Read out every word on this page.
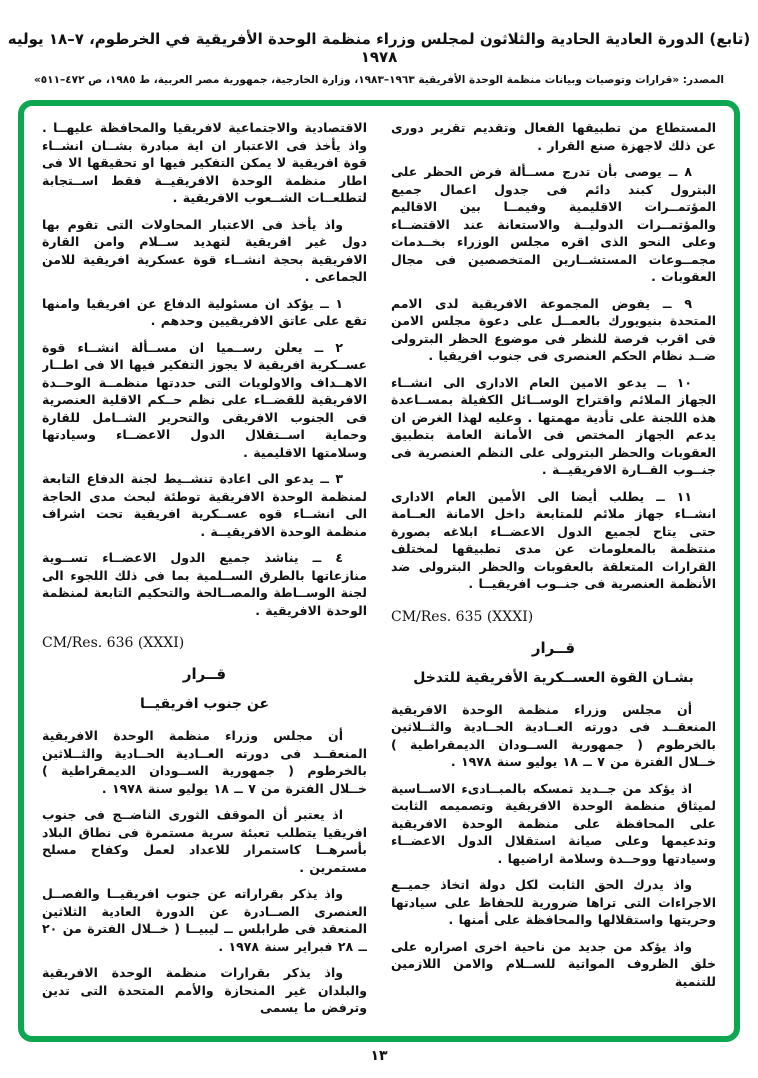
(تابع) الدورة العادية الحادية والثلاثون لمجلس وزراء منظمة الوحدة الأفريقية في الخرطوم، ٧–١٨ يوليه ١٩٧٨
المصدر: «قرارات وتوصيات وبيانات منظمة الوحدة الأفريقية ١٩٦٣–١٩٨٣، وزارة الخارجية، جمهورية مصر العربية، ط ١٩٨٥، ص ٤٧٢–٥١١»

المستطاع من تطبيقها الفعال وتقديم تقرير دورى عن ذلك لاجهزة صنع القرار .

٨ ــ يوصى بأن تدرج مســألة فرض الحظر على البترول كبند دائم فى جدول اعمال جميع المؤتمــرات الاقليمية وفيمــا بين الاقاليم والمؤتمــرات الدوليــة والاستعانة عند الاقتضــاء وعلى النحو الذى اقره مجلس الوزراء بخــدمات مجمــوعات المستشــارين المتخصصين فى مجال العقوبات .

٩ ــ يفوض المجموعة الافريقية لدى الامم المتحدة بنيويورك بالعمــل على دعوة مجلس الامن فى اقرب فرصة للنظر فى موضوع الحظر البترولى ضــد نظام الحكم العنصرى فى جنوب افريقيا .

١٠ ــ يدعو الامين العام الادارى الى انشــاء الجهاز الملائم واقتراح الوســائل الكفيلة بمســاعدة هذه اللجنة على تأدية مهمتها . وعليه لهذا الغرض ان يدعم الجهاز المختص فى الأمانة العامة بتطبيق العقوبات والحظر البترولى على النظم العنصرية فى جنــوب القــارة الافريقيــة .

١١ ــ يطلب أيضا الى الأمين العام الادارى انشــاء جهاز ملائم للمتابعة داخل الامانة العــامة حتى يتاح لجميع الدول الاعضــاء ابلاغه بصورة منتظمة بالمعلومات عن مدى تطبيقها لمختلف القرارات المتعلقة بالعقوبات والحظر البترولى ضد الأنظمة العنصرية فى جنــوب افريقيــا .

CM/Res. 635 (XXXI)
قــرار
بشـان القوة العســكرية الأفريقية للتدخل

أن مجلس وزراء منظمة الوحدة الافريقية المنعقــد فى دورته العــادية الحــادية والثــلاثين بالخرطوم ( جمهورية الســودان الديمقراطية ) خــلال الفترة من ٧ ــ ١٨ يوليو سنة ١٩٧٨ .

اذ يؤكد من جــديد تمسكه بالمبــادىء الاســاسية لميثاق منظمة الوحدة الافريقية وتصميمه الثابت على المحافظة على منظمة الوحدة الافريقية وتدعيمها وعلى صيانة استقلال الدول الاعضــاء وسيادتها ووحــدة وسلامة اراضيها .

واذ يدرك الحق الثابت لكل دولة اتخاذ جميــع الاجراءات التى تراها ضرورية للحفاظ على سيادتها وحريتها واستقلالها والمحافظة على أمنها .

واذ يؤكد من جديد من ناحية اخرى اصراره على خلق الظروف المواتية للســلام والامن اللازمين للتنمية

الاقتصادية والاجتماعية لافريقيا والمحافظة عليهــا . واذ يأخذ فى الاعتبار ان اية مبادرة بشــان انشــاء قوة افريقية لا يمكن التفكير فيها او تحقيقها الا فى اطار منظمة الوحدة الافريقيــة فقط اســتجابة لتطلعــات الشــعوب الافريقية .

واذ يأخذ فى الاعتبار المحاولات التى تقوم بها دول غير افريقية لتهديد ســلام وامن القارة الافريقية بحجة انشــاء قوة عسكرية افريقية للامن الجماعى .

١ ــ يؤكد ان مسئولية الدفاع عن افريقيا وامنها تقع على عاتق الافريقيين وحدهم .

٢ ــ يعلن رســميا ان مســألة انشــاء قوة عســكرية افريقية لا يجوز التفكير فيها الا فى اطــار الاهــداف والاولويات التى حددتها منظمــة الوحــدة الافريقية للقضــاء على نظم حــكم الاقلية العنصرية فى الجنوب الافريقى والتحرير الشــامل للقارة وحماية اســتقلال الدول الاعضــاء وسيادتها وسلامتها الاقليمية .

٣ ــ يدعو الى اعادة تنشــيط لجنة الدفاع التابعة لمنظمة الوحدة الافريقية توطئة لبحث مدى الحاجة الى انشــاء قوه عســكرية افريقية تحت اشراف منظمة الوحدة الافريقيــة .

٤ ــ يناشد جميع الدول الاعضــاء تســوية منازعاتها بالطرق الســلمية بما فى ذلك اللجوء الى لجنة الوســاطة والمصــالحة والتحكيم التابعة لمنظمة الوحدة الافريقية .

CM/Res. 636 (XXXI)
قــرار
عن جنوب افريقيــا

أن مجلس وزراء منظمة الوحدة الافريقية المنعقــد فى دورته العــادية الحــادية والثــلاثين بالخرطوم ( جمهورية الســودان الديمقراطية ) خــلال الفترة من ٧ ــ ١٨ يوليو سنة ١٩٧٨ .

اذ يعتبر أن الموقف الثورى الناضــج فى جنوب افريقيا يتطلب تعبئة سرية مستمرة فى نطاق البلاد بأسرهــا كاستمرار للاعداد لعمل وكفاح مسلح مستمرين .

واذ يذكر بقراراته عن جنوب افريقيــا والفصــل العنصرى الصــادرة عن الدورة العادية الثلاثين المنعقد فى طرابلس ــ ليبيــا ( خــلال الفترة من ٢٠ ــ ٢٨ فبراير سنة ١٩٧٨ .

واذ يذكر بقرارات منظمة الوحدة الافريقية والبلدان غير المنحازة والأمم المتحدة التى تدين وترفض ما يسمى

١٣
